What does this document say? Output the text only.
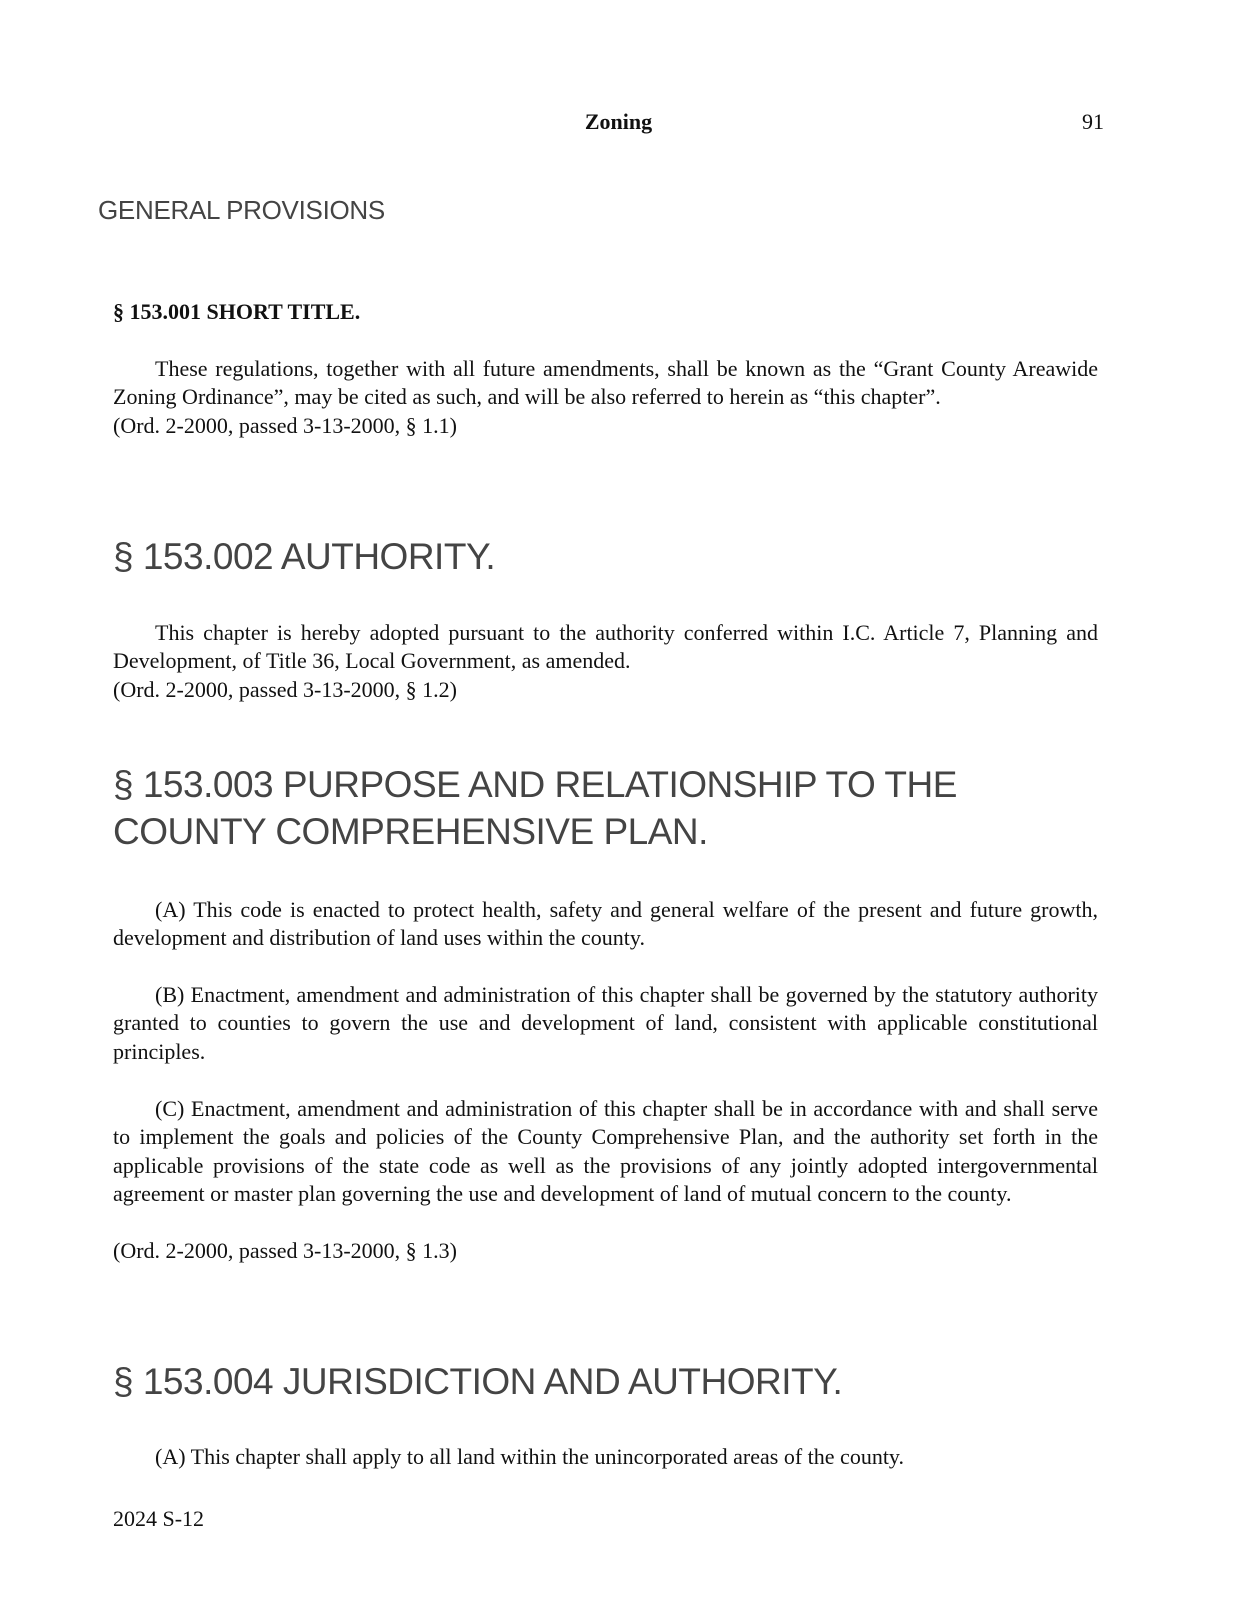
Zoning	91
GENERAL PROVISIONS
§ 153.001 SHORT TITLE.
These regulations, together with all future amendments, shall be known as the “Grant County Areawide Zoning Ordinance”, may be cited as such, and will be also referred to herein as “this chapter”.
(Ord. 2-2000, passed 3-13-2000, § 1.1)
§ 153.002 AUTHORITY.
This chapter is hereby adopted pursuant to the authority conferred within I.C. Article 7, Planning and Development, of Title 36, Local Government, as amended.
(Ord. 2-2000, passed 3-13-2000, § 1.2)
§ 153.003 PURPOSE AND RELATIONSHIP TO THE COUNTY COMPREHENSIVE PLAN.
(A) This code is enacted to protect health, safety and general welfare of the present and future growth, development and distribution of land uses within the county.
(B) Enactment, amendment and administration of this chapter shall be governed by the statutory authority granted to counties to govern the use and development of land, consistent with applicable constitutional principles.
(C) Enactment, amendment and administration of this chapter shall be in accordance with and shall serve to implement the goals and policies of the County Comprehensive Plan, and the authority set forth in the applicable provisions of the state code as well as the provisions of any jointly adopted intergovernmental agreement or master plan governing the use and development of land of mutual concern to the county.
(Ord. 2-2000, passed 3-13-2000, § 1.3)
§ 153.004 JURISDICTION AND AUTHORITY.
(A) This chapter shall apply to all land within the unincorporated areas of the county.
2024 S-12
